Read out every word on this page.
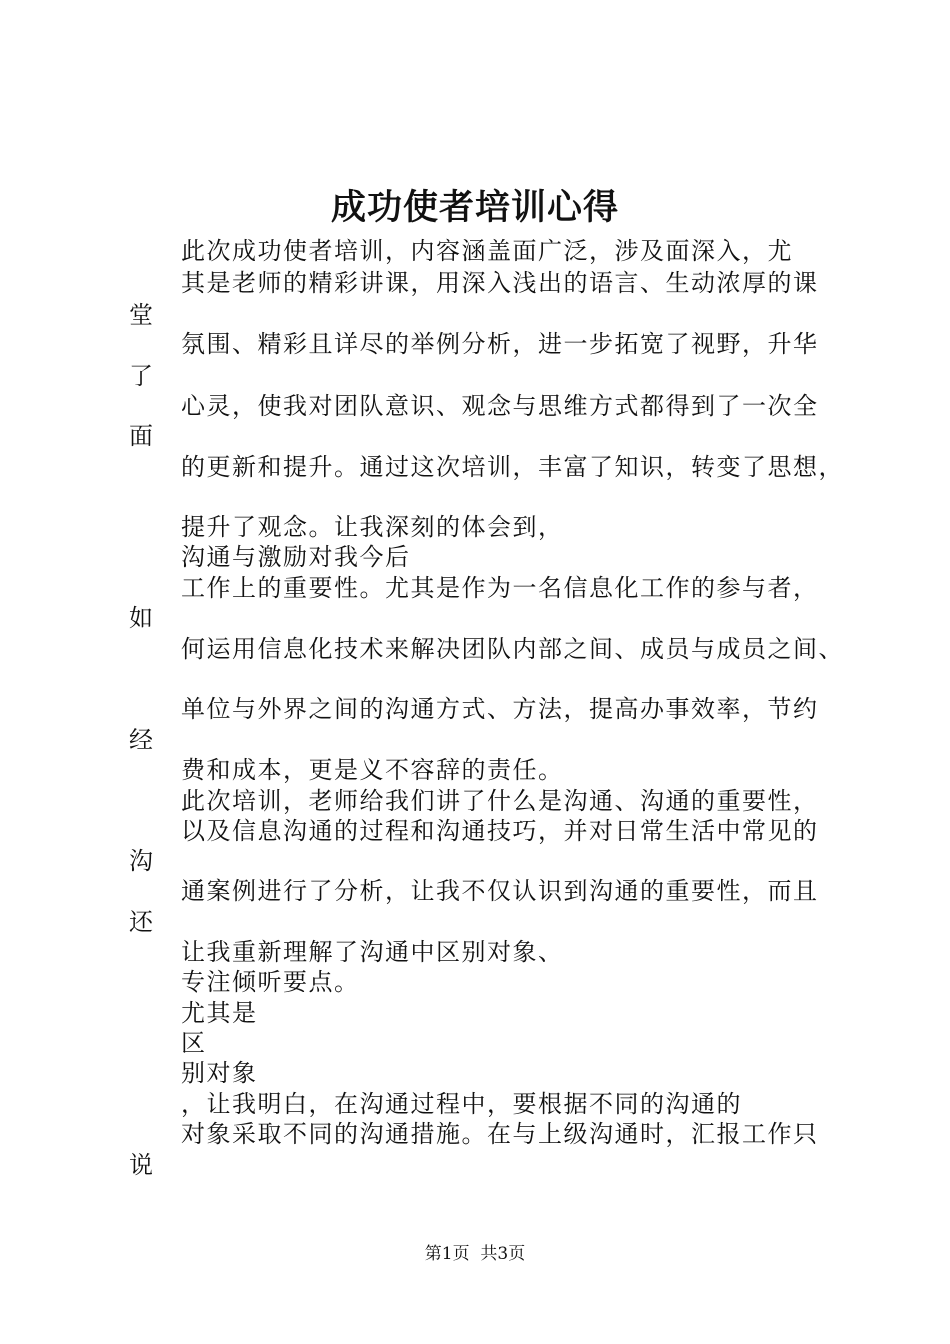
成功使者培训心得
此次成功使者培训，内容涵盖面广泛，涉及面深入，尤
其是老师的精彩讲课，用深入浅出的语言、生动浓厚的课
堂
氛围、精彩且详尽的举例分析，进一步拓宽了视野，升华
了
心灵，使我对团队意识、观念与思维方式都得到了一次全
面
的更新和提升。通过这次培训，丰富了知识，转变了思想，
提升了观念。让我深刻的体会到，
沟通与激励对我今后
工作上的重要性。尤其是作为一名信息化工作的参与者，
如
何运用信息化技术来解决团队内部之间、成员与成员之间、
单位与外界之间的沟通方式、方法，提高办事效率，节约
经
费和成本，更是义不容辞的责任。
此次培训，老师给我们讲了什么是沟通、沟通的重要性，
以及信息沟通的过程和沟通技巧，并对日常生活中常见的
沟
通案例进行了分析，让我不仅认识到沟通的重要性，而且
还
让我重新理解了沟通中区别对象、
专注倾听要点。
尤其是
区
别对象
，让我明白，在沟通过程中，要根据不同的沟通的
对象采取不同的沟通措施。在与上级沟通时，汇报工作只
说
第1页  共3页
